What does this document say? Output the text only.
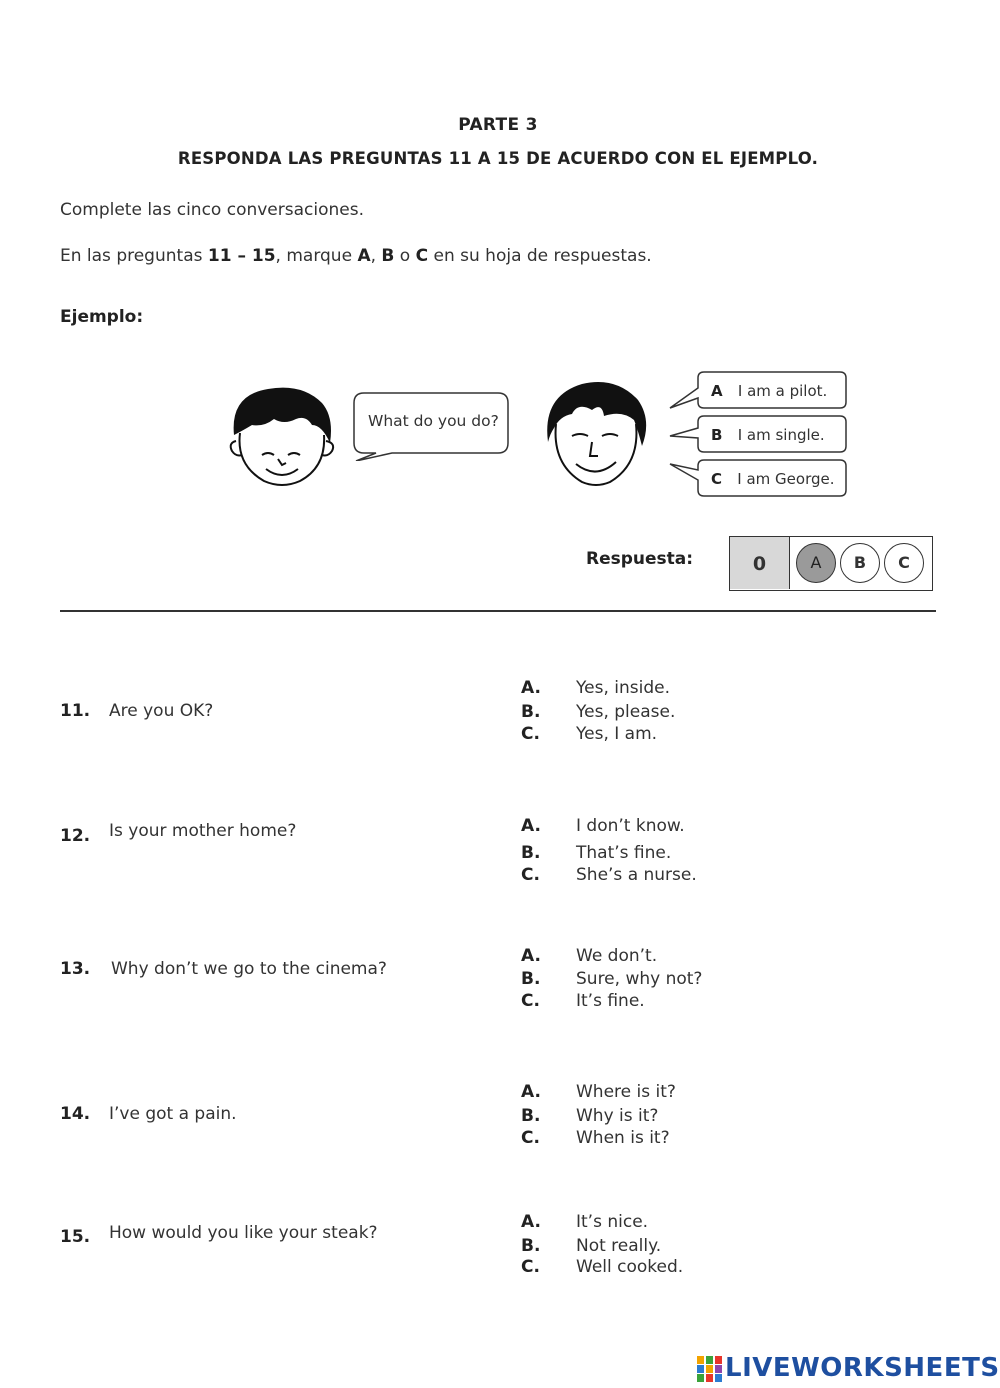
PARTE 3
RESPONDA LAS PREGUNTAS 11 A 15 DE ACUERDO CON EL EJEMPLO.
Complete las cinco conversaciones.
En las preguntas 11 – 15, marque A, B o C en su hoja de respuestas.
Ejemplo:
What do you do?
A I am a pilot.
B I am single.
C I am George.
Respuesta:	0	A	B	C
11. Are you OK?
A. Yes, inside.
B. Yes, please.
C. Yes, I am.
12. Is your mother home?	A. I don’t know.
B. That’s fine.
C. She’s a nurse.
13. Why don’t we go to the cinema?
A. We don’t.
B. Sure, why not?
C. It’s fine.
14. I’ve got a pain.
A. Where is it?
B. Why is it?
C. When is it?
15. How would you like your steak?
A. It’s nice.
B. Not really.
C. Well cooked.
LIVEWORKSHEETS
